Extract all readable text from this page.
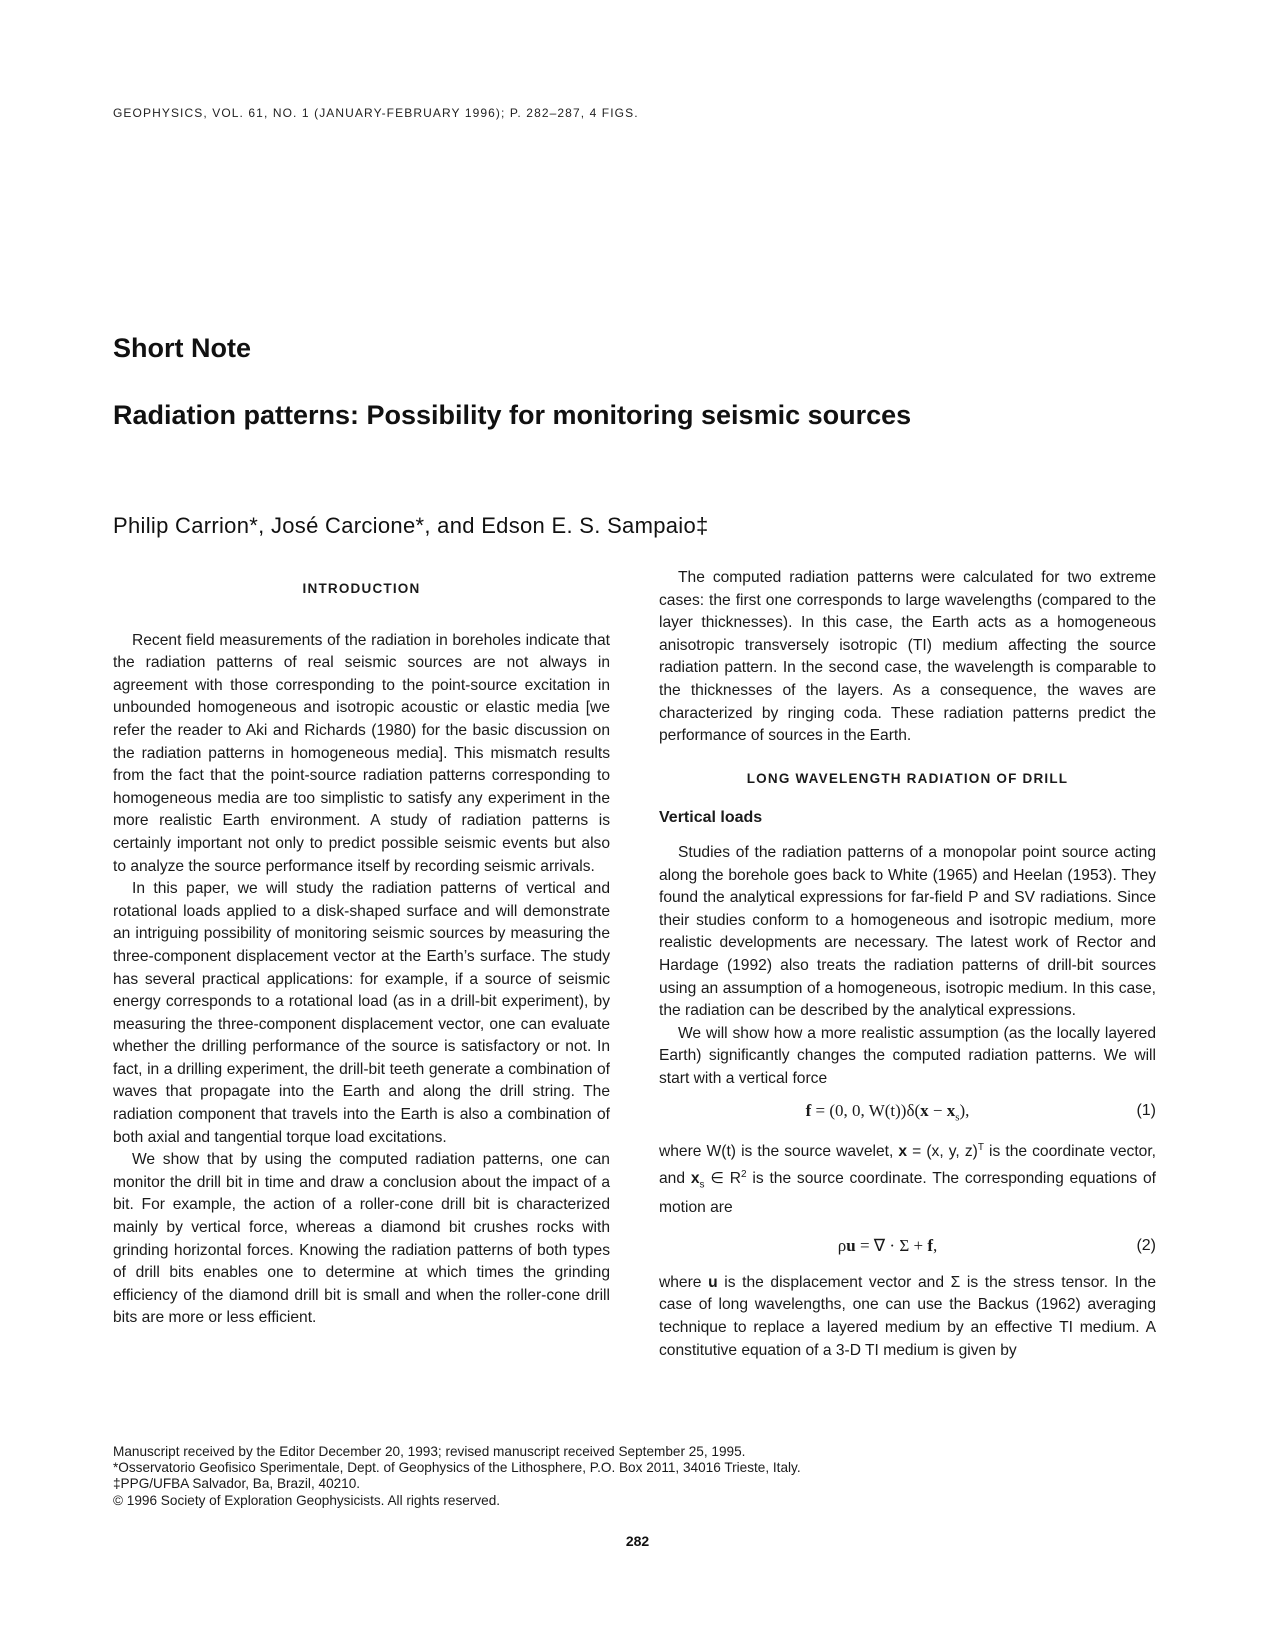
GEOPHYSICS, VOL. 61, NO. 1 (JANUARY-FEBRUARY 1996); P. 282–287, 4 FIGS.
Short Note
Radiation patterns: Possibility for monitoring seismic sources
Philip Carrion*, José Carcione*, and Edson E. S. Sampaio‡
INTRODUCTION

Recent field measurements of the radiation in boreholes indicate that the radiation patterns of real seismic sources are not always in agreement with those corresponding to the point-source excitation in unbounded homogeneous and isotropic acoustic or elastic media [we refer the reader to Aki and Richards (1980) for the basic discussion on the radiation patterns in homogeneous media]. This mismatch results from the fact that the point-source radiation patterns corresponding to homogeneous media are too simplistic to satisfy any experiment in the more realistic Earth environment. A study of radiation patterns is certainly important not only to predict possible seismic events but also to analyze the source performance itself by recording seismic arrivals.

In this paper, we will study the radiation patterns of vertical and rotational loads applied to a disk-shaped surface and will demonstrate an intriguing possibility of monitoring seismic sources by measuring the three-component displacement vector at the Earth’s surface. The study has several practical applications: for example, if a source of seismic energy corresponds to a rotational load (as in a drill-bit experiment), by measuring the three-component displacement vector, one can evaluate whether the drilling performance of the source is satisfactory or not. In fact, in a drilling experiment, the drill-bit teeth generate a combination of waves that propagate into the Earth and along the drill string. The radiation component that travels into the Earth is also a combination of both axial and tangential torque load excitations.

We show that by using the computed radiation patterns, one can monitor the drill bit in time and draw a conclusion about the impact of a bit. For example, the action of a roller-cone drill bit is characterized mainly by vertical force, whereas a diamond bit crushes rocks with grinding horizontal forces. Knowing the radiation patterns of both types of drill bits enables one to determine at which times the grinding efficiency of the diamond drill bit is small and when the roller-cone drill bits are more or less efficient.

The computed radiation patterns were calculated for two extreme cases: the first one corresponds to large wavelengths (compared to the layer thicknesses). In this case, the Earth acts as a homogeneous anisotropic transversely isotropic (TI) medium affecting the source radiation pattern. In the second case, the wavelength is comparable to the thicknesses of the layers. As a consequence, the waves are characterized by ringing coda. These radiation patterns predict the performance of sources in the Earth.

LONG WAVELENGTH RADIATION OF DRILL
Vertical loads

Studies of the radiation patterns of a monopolar point source acting along the borehole goes back to White (1965) and Heelan (1953). They found the analytical expressions for far-field P and SV radiations. Since their studies conform to a homogeneous and isotropic medium, more realistic developments are necessary. The latest work of Rector and Hardage (1992) also treats the radiation patterns of drill-bit sources using an assumption of a homogeneous, isotropic medium. In this case, the radiation can be described by the analytical expressions.

We will show how a more realistic assumption (as the locally layered Earth) significantly changes the computed radiation patterns. We will start with a vertical force

f = (0, 0, $W(t))\delta(x - x_s)$,	(1)

where W(t) is the source wavelet, x = (x, y, z)$^T$ is the coordinate vector, and $x_s$ ∈ $R^2$ is the source coordinate. The corresponding equations of motion are

ρu = ∇ · Σ + f,	(2)

where u is the displacement vector and Σ is the stress tensor. In the case of long wavelengths, one can use the Backus (1962) averaging technique to replace a layered medium by an effective TI medium. A constitutive equation of a 3-D TI medium is given by

Manuscript received by the Editor December 20, 1993; revised manuscript received September 25, 1995.
*Osservatorio Geofisico Sperimentale, Dept. of Geophysics of the Lithosphere, P.O. Box 2011, 34016 Trieste, Italy.
‡PPG/UFBA Salvador, Ba, Brazil, 40210.
© 1996 Society of Exploration Geophysicists. All rights reserved.
282
